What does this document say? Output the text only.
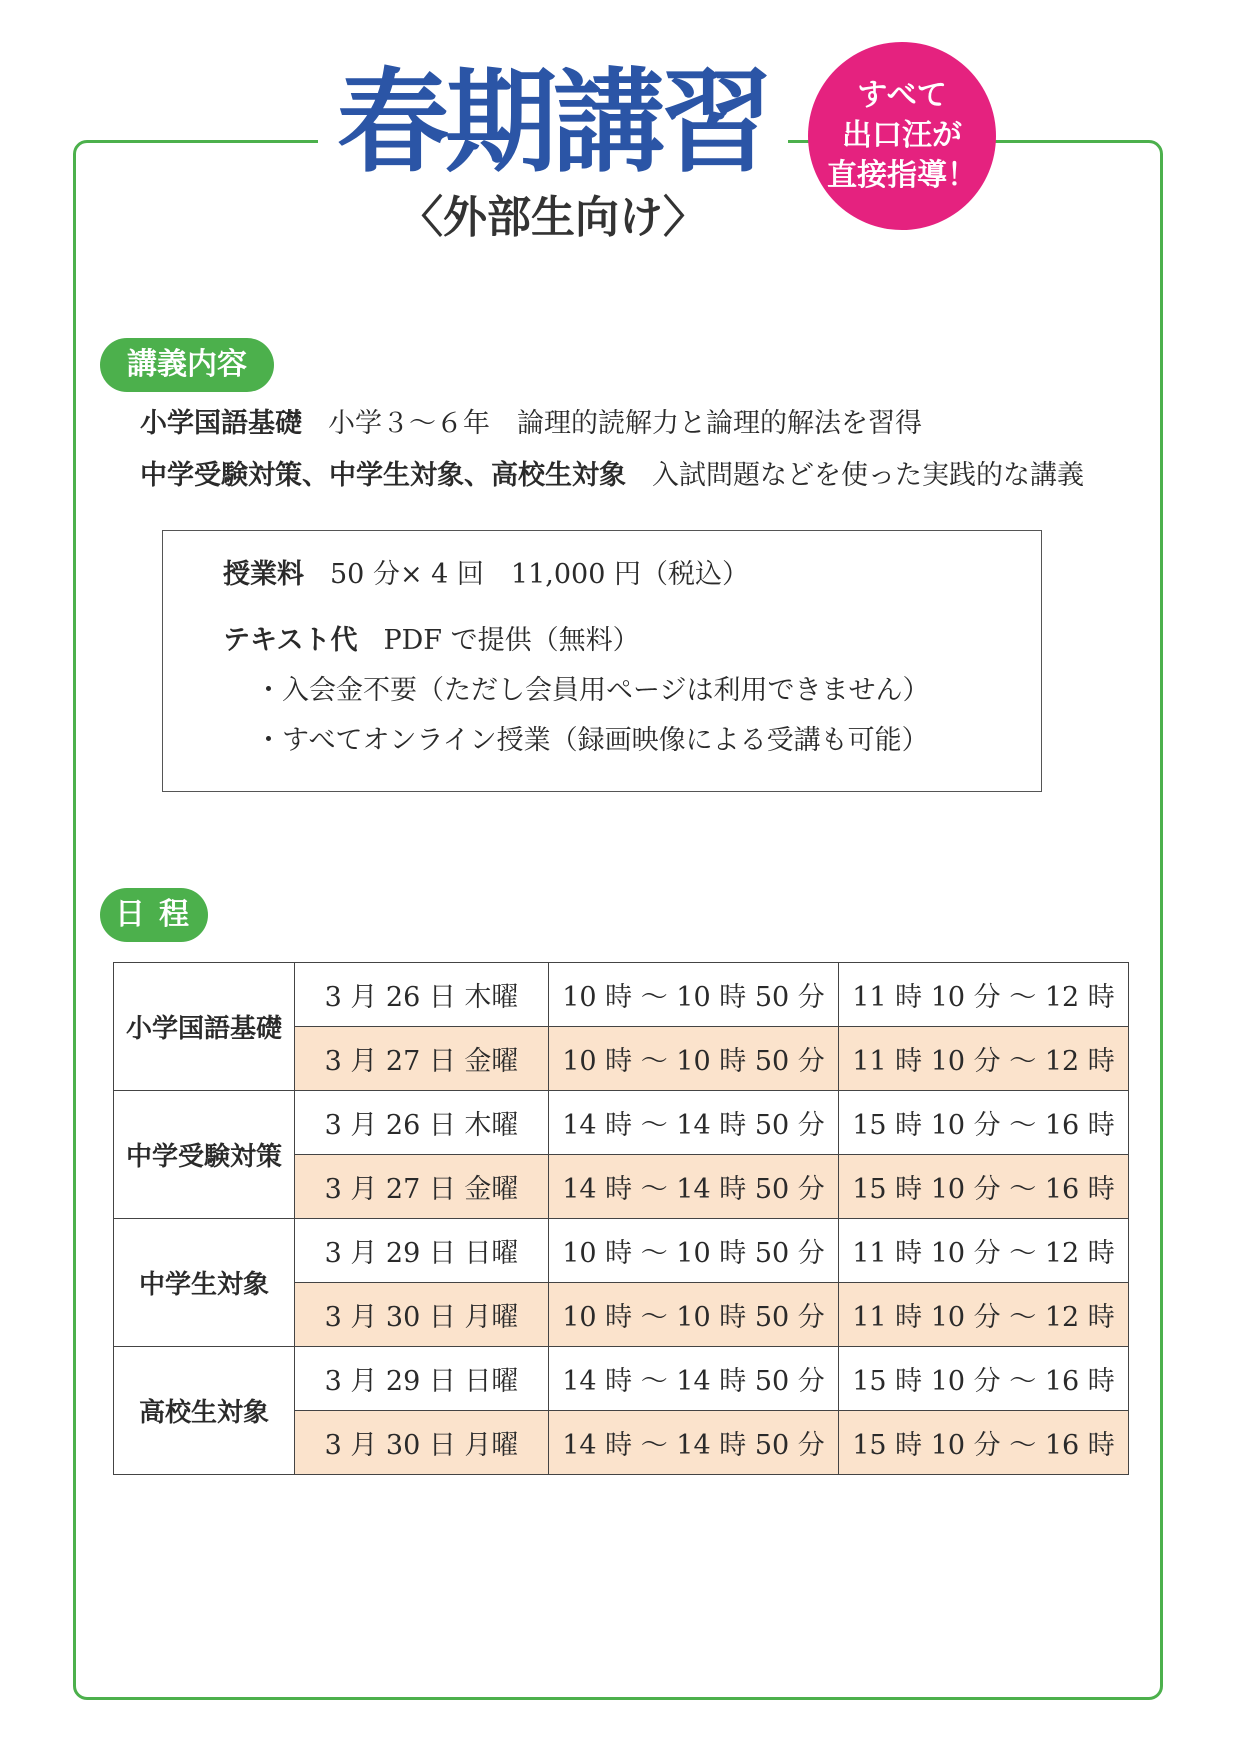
春期講習
〈外部生向け〉
すべて
出口汪が
直接指導！
講義内容
小学国語基礎 小学３～６年　論理的読解力と論理的解法を習得
中学受験対策、中学生対象、高校生対象 入試問題などを使った実践的な講義
授業料 50 分× 4 回　11,000 円（税込）
テキスト代 PDF で提供（無料）
・入会金不要（ただし会員用ページは利用できません）
・すべてオンライン授業（録画映像による受講も可能）
日程
小学国語基礎	3 月 26 日 木曜	10 時 ～ 10 時 50 分	11 時 10 分 ～ 12 時
	3 月 27 日 金曜	10 時 ～ 10 時 50 分	11 時 10 分 ～ 12 時
中学受験対策	3 月 26 日 木曜	14 時 ～ 14 時 50 分	15 時 10 分 ～ 16 時
	3 月 27 日 金曜	14 時 ～ 14 時 50 分	15 時 10 分 ～ 16 時
中学生対象	3 月 29 日 日曜	10 時 ～ 10 時 50 分	11 時 10 分 ～ 12 時
	3 月 30 日 月曜	10 時 ～ 10 時 50 分	11 時 10 分 ～ 12 時
高校生対象	3 月 29 日 日曜	14 時 ～ 14 時 50 分	15 時 10 分 ～ 16 時
	3 月 30 日 月曜	14 時 ～ 14 時 50 分	15 時 10 分 ～ 16 時
